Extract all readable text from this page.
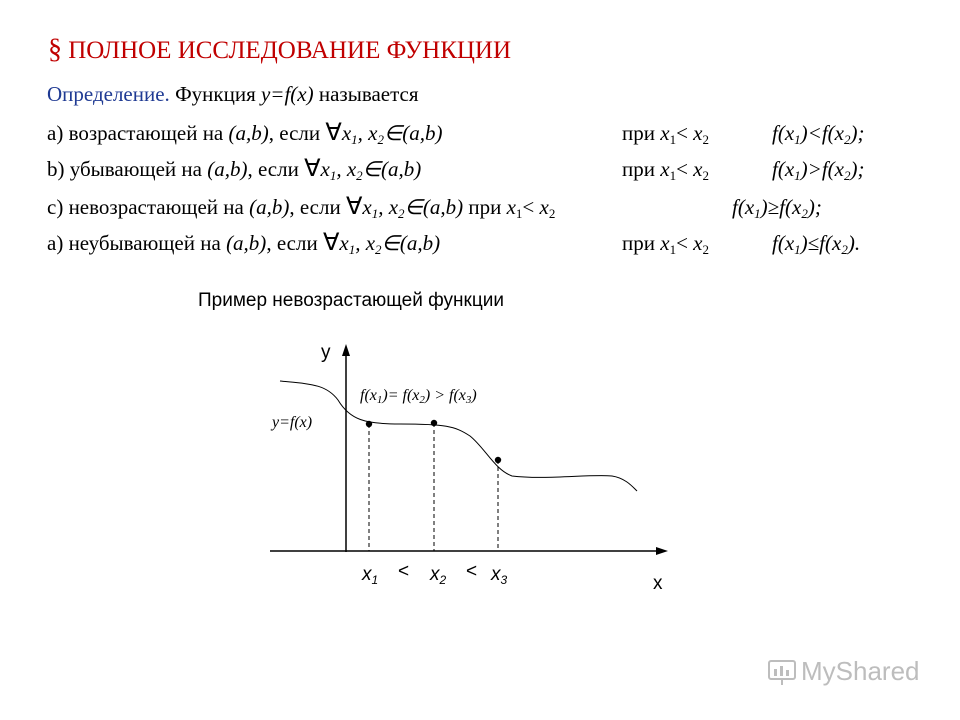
§ ПОЛНОЕ ИССЛЕДОВАНИЕ ФУНКЦИИ
Определение. Функция y=f(x) называется
а) возрастающей на (a,b), если $\forall x_1$, $x_2\in(a,b)$	при $x_1< x_2$	$f(x_1)<f(x_2)$;
b) убывающей на (a,b), если $\forall x_1$, $x_2\in(a,b)$	при $x_1< x_2$	$f(x_1)>f(x_2)$;
c) невозрастающей на (a,b), если $\forall x_1$, $x_2\in(a,b)$ при $x_1< x_2$	$f(x_1)\ge f(x_2)$;
а) неубывающей на (a,b), если $\forall x_1$, $x_2\in(a,b)$	при $x_1< x_2$	$f(x_1)\le f(x_2)$.
Пример невозрастающей функции
y
x
y=f(x)
f(x1)= f(x2) > f(x3)
$x_1 < x_2 < x_3$
MyShared
